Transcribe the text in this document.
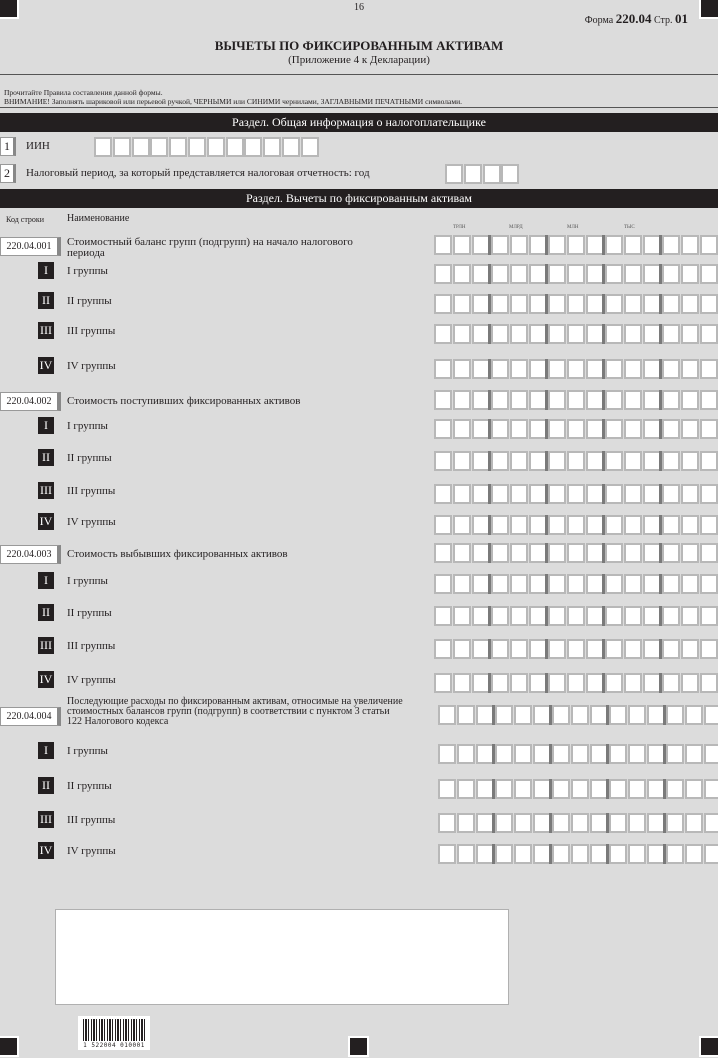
16
Форма 220.04 Стр. 01
ВЫЧЕТЫ ПО ФИКСИРОВАННЫМ АКТИВАМ
(Приложение 4 к Декларации)
Прочитайте Правила составления данной формы.
ВНИМАНИЕ! Заполнять шариковой или перьевой ручкой, ЧЕРНЫМИ или СИНИМИ чернилами, ЗАГЛАВНЫМИ ПЕЧАТНЫМИ символами.
Раздел. Общая информация о налогоплательщике
1	ИИН
2	Налоговый период, за который представляется налоговая отчетность: год
Раздел. Вычеты по фиксированным активам
Код строки Наименование
трлн	млрд	млн	тыс
220.04.001	Стоимостный баланс групп (подгрупп) на начало налогового периода
I	I группы
II	II группы
III III группы
IV IV группы
220.04.002	Стоимость поступивших фиксированных активов
I	I группы
II	II группы
III III группы
IV IV группы
220.04.003	Стоимость выбывших фиксированных активов
I	I группы
II	II группы
III III группы
IV IV группы
220.04.004
Последующие расходы по фиксированным активам, относимые на увеличение стоимостных балансов групп (подгрупп) в соответствии с пунктом 3 статьи 122 Налогового кодекса
I	I группы
II	II группы
III III группы
IV IV группы
1 522004 010001
